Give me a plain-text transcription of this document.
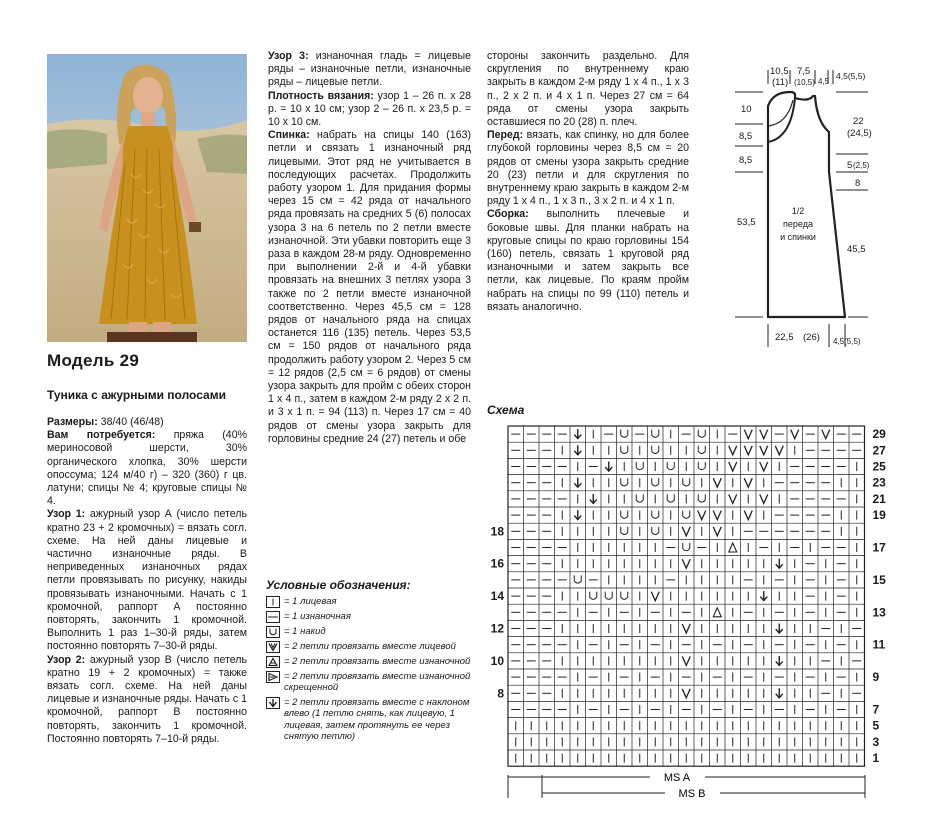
Модель 29
Туника с ажурными полосами

Размеры: 38/40 (46/48)

Вам потребуется: пряжа (40% мериносовой шерсти, 30% органического хлопка, 30% шерсти опоссума; 124 м/40 г) – 320 (360) г цв. латуни; спицы № 4; круговые спицы № 4.

Узор 1: ажурный узор А (число петель кратно 23 + 2 кромочных) = вязать согл. схеме. На ней даны лицевые и частично изнаночные ряды. В неприведенных изнаночных рядах петли провязывать по рисунку, накиды провязывать изнаночными. Начать с 1 кромочной, раппорт А постоянно повторять, закончить 1 кромочной. Выполнить 1 раз 1–30-й ряды, затем постоянно повторять 7–30-й ряды.

Узор 2: ажурный узор В (число петель кратно 19 + 2 кромочных) = также вязать согл. схеме. На ней даны лицевые и изнаночные ряды. Начать с 1 кромочной, раппорт В постоянно повторять, закончить 1 кромочной. Постоянно повторять 7–10-й ряды.

Узор 3: изнаночная гладь = лицевые ряды – изнаночные петли, изнаночные ряды – лицевые петли.

Плотность вязания: узор 1 – 26 п. x 28 р. = 10 x 10 см; узор 2 – 26 п. x 23,5 р. = 10 x 10 см.

Спинка: набрать на спицы 140 (163) петли и связать 1 изнаночный ряд лицевыми. Этот ряд не учитывается в последующих расчетах. Продолжить работу узором 1. Для придания формы через 15 см = 42 ряда от начального ряда провязать на средних 5 (6) полосах узора 3 на 6 петель по 2 петли вместе изнаночной. Эти убавки повторить еще 3 раза в каждом 28-м ряду. Одновременно при выполнении 2-й и 4-й убавки провязать на внешних 3 петлях узора 3 также по 2 петли вместе изнаночной соответственно. Через 45,5 см = 128 рядов от начального ряда на спицах останется 116 (135) петель. Через 53,5 см = 150 рядов от начального ряда продолжить работу узором 2. Через 5 см = 12 рядов (2,5 см = 6 рядов) от смены узора закрыть для пройм с обеих сторон 1 x 4 п., затем в каждом 2-м ряду 2 x 2 п. и 3 x 1 п. = 94 (113) п. Через 17 см = 40 рядов от смены узора закрыть для горловины средние 24 (27) петель и обе

стороны закончить раздельно. Для скругления по внутреннему краю закрыть в каждом 2-м ряду 1 x 4 п., 1 x 3 п., 2 x 2 п. и 4 x 1 п. Через 27 см = 64 ряда от смены узора закрыть оставшиеся по 20 (28) п. плеч.

Перед: вязать, как спинку, но для более глубокой горловины через 8,5 см = 20 рядов от смены узора закрыть средние 20 (23) петли и для скругления по внутреннему краю закрыть в каждом 2-м ряду 1 x 4 п., 1 x 3 п., 3 x 2 п. и 4 x 1 п.

Сборка: выполнить плечевые и боковые швы. Для планки набрать на круговые спицы по краю горловины 154 (160) петель, связать 1 круговой ряд изнаночными и затем закрыть все петли, как лицевые. По краям пройм набрать на спицы по 99 (110) петель и вязать аналогично.

Условные обозначения:
= 1 лицевая
= 1 изнаночная
= 1 накид
= 2 петли провязать вместе лицевой
= 2 петли провязать вместе изнаночной
= 2 петли провязать вместе изнаночной скрещенной
= 2 петли провязать вместе с наклоном влево (1 петлю снять, как лицевую, 1 лицевая, затем протянуть ее через снятую петлю)
Схема
29
27
25
23
21
19
17
15
13
11
9
7
5
3
1
18
16
14
12
10
8
MS A
MS B
10,5
(11)
7,5
(10,5) 4,5
4,5(5,5)
10
8,5
8,5
53,5
22
(24,5)
5 (2,5)
8
45,5
1/2
переда
и спинки
22,5 (26) 4,5(5,5)
